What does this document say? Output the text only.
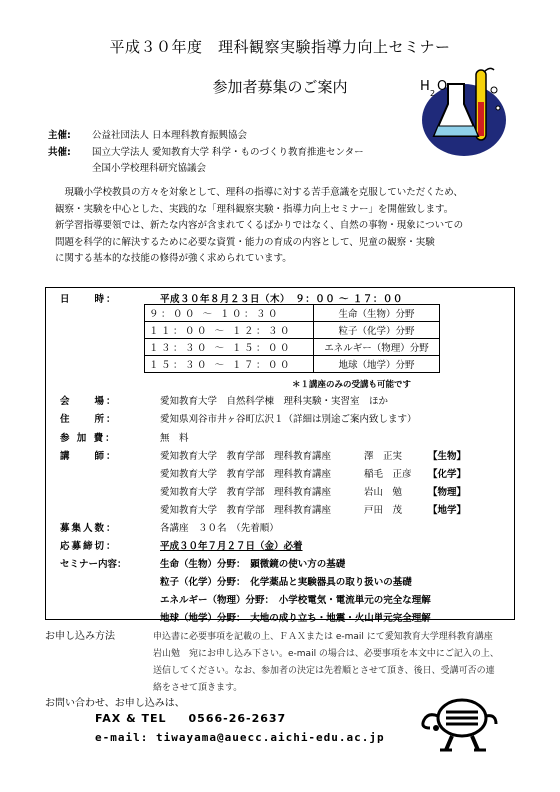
平成３０年度　理科観察実験指導力向上セミナー
参加者募集のご案内	H 2 O
主催: 公益社団法人 日本理科教育振興協会
共催: 国立大学法人 愛知教育大学 科学・ものづくり教育推進センター
全国小学校理科研究協議会

　現職小学校教員の方々を対象として、理科の指導に対する苦手意識を克服していただくため、

観察・実験を中心とした、実践的な「理科観察実験・指導力向上セミナー」を開催致します。

新学習指導要領では、新たな内容が含まれてくるばかりではなく、自然の事物・現象についての

問題を科学的に解決するために必要な資質・能力の育成の内容として、児童の観察・実験

に関する基本的な技能の修得が強く求められています。

日　　時：	平成３０年８月２３日（木）　９：００ ～ １７：００
９：００ ～ １０：３０	生命（生物）分野
１１：００ ～ １２：３０	粒子（化学）分野
１３：３０ ～ １５：００	エネルギー（物理）分野
１５：３０ ～ １７：００	地球（地学）分野
＊１講座のみの受講も可能です
会　　場：	愛知教育大学　自然科学棟　理科実験・実習室　ほか
住　　所：	愛知県刈谷市井ヶ谷町広沢１（詳細は別途ご案内致します）
参 加 費：	無　料
講　　師：	愛知教育大学　教育学部　理科教育講座	澤　正実	【生物】
愛知教育大学　教育学部　理科教育講座	稲毛　正彦 【化学】
愛知教育大学　教育学部　理科教育講座	岩山　勉	【物理】
愛知教育大学　教育学部　理科教育講座	戸田　茂	【地学】
募集人数：	各講座　３０名　（先着順）
応募締切：	平成３０年７月２７日（金）必着
セミナー内容：	生命（生物）分野：　顕微鏡の使い方の基礎
粒子（化学）分野：　化学薬品と実験器具の取り扱いの基礎
エネルギー（物理）分野：　小学校電気・電流単元の完全な理解
地球（地学）分野：　大地の成り立ち・地震・火山単元完全理解
お申し込み方法	申込書に必要事項を記載の上、ＦＡＸまたは e-mail にて愛知教育大学理科教育講座
岩山勉　宛にお申し込み下さい。e-mail の場合は、必要事項を本文中にご記入の上、
送信してください。なお、参加者の決定は先着順とさせて頂き、後日、受講可否の連
絡をさせて頂きます。
お問い合わせ、お申し込みは、
FAX & TEL 0566-26-2637
e-mail: tiwayama@auecc.aichi-edu.ac.jp
